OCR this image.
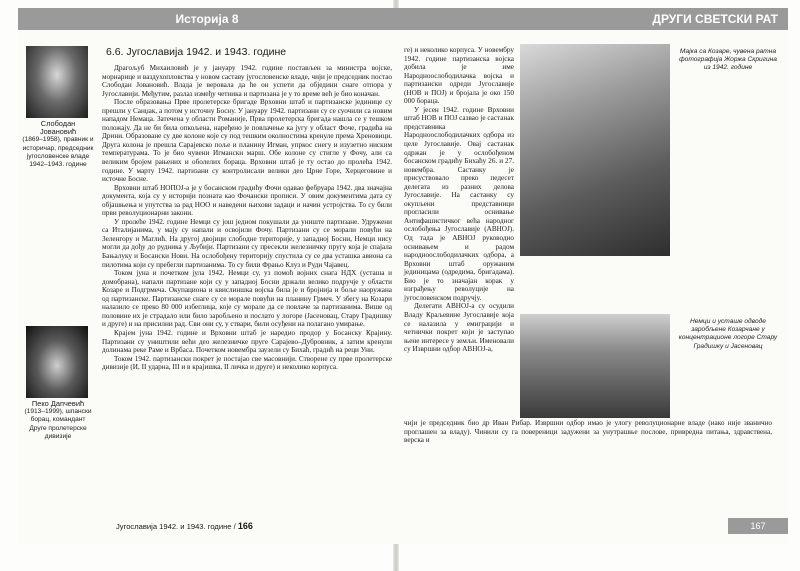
Историја 8
Слободан Јовановић
(1869–1958), правник и историчар, председник југословенске владе 1942–1943. године
Пеко Дапчевић
(1913–1999), шпански борац, командант Друге пролетерске дивизије
6.6. Југославија 1942. и 1943. године

Драгољуб Михаиловић је у јануару 1942. године постављен за министра војске, морнарице и ваздухопловства у новом саставу југословенске владе, чији је председник постао Слободан Јовановић. Влада је веровала да ће он успети да обједини снаге отпора у Југославији. Међутим, разлаз између четника и партизана је у то време већ је био коначан.

После образовања Прве пролетерске бригаде Врховни штаб и партизанске јединице су прешли у Санџак, а потом у источну Босну. У јануару 1942. партизани су се суочили са новим нападом Немаца. Затечена у области Романије, Прва пролетерска бригада нашла се у тешком положају. Да не би била опкољена, наређено је повлачење ка југу у област Фоче, градића на Дрини. Образоване су две колоне које су под тешким околностима кренуле према Хреновици. Друга колона је прешла Сарајевско поље и планину Игман, упркос снегу и изузетно ниским температурама. То је био чувени Игмански марш. Обе колоне су стигле у Фочу, али са великим бројем рањених и оболелих бораца. Врховни штаб је ту остао до пролећа 1942. године. У марту 1942. партизани су контролисали велики део Црне Горе, Херцеговине и источне Босне.

Врховни штаб НОПОЈ-а је у босанском градићу Фочи одавао фебруара 1942. два значајна документа, која су у историји позната као Фочански прописи. У овим документима дата су објашњења и упутства за рад НОО и наведени њихови задаци и начин устројства. То су били први револуционарни закони.

У пролеће 1942. године Немци су још једном покушали да униште партизане. Удружени са Италијанима, у мају су напали и освојили Фочу. Партизани су се морали повући на Зеленгору и Маглић. На другој двојици слободне територије, у западној Босни, Немци нису могли да дођу до рудника у Љубији. Партизани су пресекли железничку пругу која је спајала Бањалуку и Босански Нови. На ослобођену територију спустила су се два усташка авиона са пилотима који су пребегли партизанима. То су били Фрањо Клуз и Руди Чајавец.

Током јуна и почетком јула 1942. Немци су, уз помоћ војних снага НДХ (усташа и домобрана), напали партизане који су у западној Босни држали велико подручје у области Козаре и Подгрмеча. Окупациона и квислиншка војска била је и бројнија и боље наоружана од партизанске. Партизанске снаге су се морале повући на планину Грмеч. У збегу на Козари налазило се преко 80 000 избеглица, које су морале да се повлаче за партизанима. Више од половине их је страдало или било заробљено и послато у логоре (Јасеновац, Стару Градишку и друге) и на присилни рад. Сви они су, у ствари, били осуђени на полагано умирање.

Крајем јуна 1942. године и Врховни штаб је наредио продор у Босанску Крајину. Партизани су уништили већи део железничке пруге Сарајево–Дубровник, а затим кренули долинама реке Раме и Врбаса. Почетком новембра заузели су Бихаћ, градић на реци Уни.

Током 1942. партизански покрет је постајао све масовнији. Створене су прве пролетерске дивизије (И, II ударна, III и в крајишка, II личка и друге) и неколико корпуса.

Југославија 1942. и 1943. године / 166
ДРУГИ СВЕТСКИ РАТ

ге) и неколико корпуса. У новембру 1942. године партизанска војска добила је име Народноослободилачка војска и партизански одреди Југославије (НОВ и ПОЈ) и бројала је око 150 000 бораца.

У јесен 1942. године Врховни штаб НОВ и ПОЈ сазвао је састанак представника Народноослободилачких одбора из целе Југославије. Овај састанак одржан је у ослобођеном босанском градићу Бихаћу 26. и 27. новембра. Састанку је присуствовало преко педесет делегата из разних делова Југославије. На састанку су окупљени представници прогласили оснивање Антифашистичког већа народног ослобођења Југославије (АВНОЈ). Од тада је АВНОЈ руководио оснивањем и радом народноослободилачких одбора, а Врховни штаб оружаним јединицама (одредима, бригадама). Био је то значајан корак у изграђењу револуције на југословенском подручју.

Делегати АВНОЈ-а су осудили Владу Краљевине Југославије која се налазила у емиграцији и четнички покрет који је заступао њене интересе у земљи. Именовали су Извршни одбор АВНОЈ-а,

Мајка са Козаре, чувена ратна фотографија Жоржа Скригина из 1942. године
Немци и усташе одводе заробљене Козарчане у концентрационе логоре Стару Градишку и Јасеновац

чији је председник био др Иван Рибар. Извршни одбор имао је улогу револуционарне владе (иако није званично проглашен за владу). Чинили су га повереници задужени за унутрашње послове, привредна питања, здравствена, верска и

167
